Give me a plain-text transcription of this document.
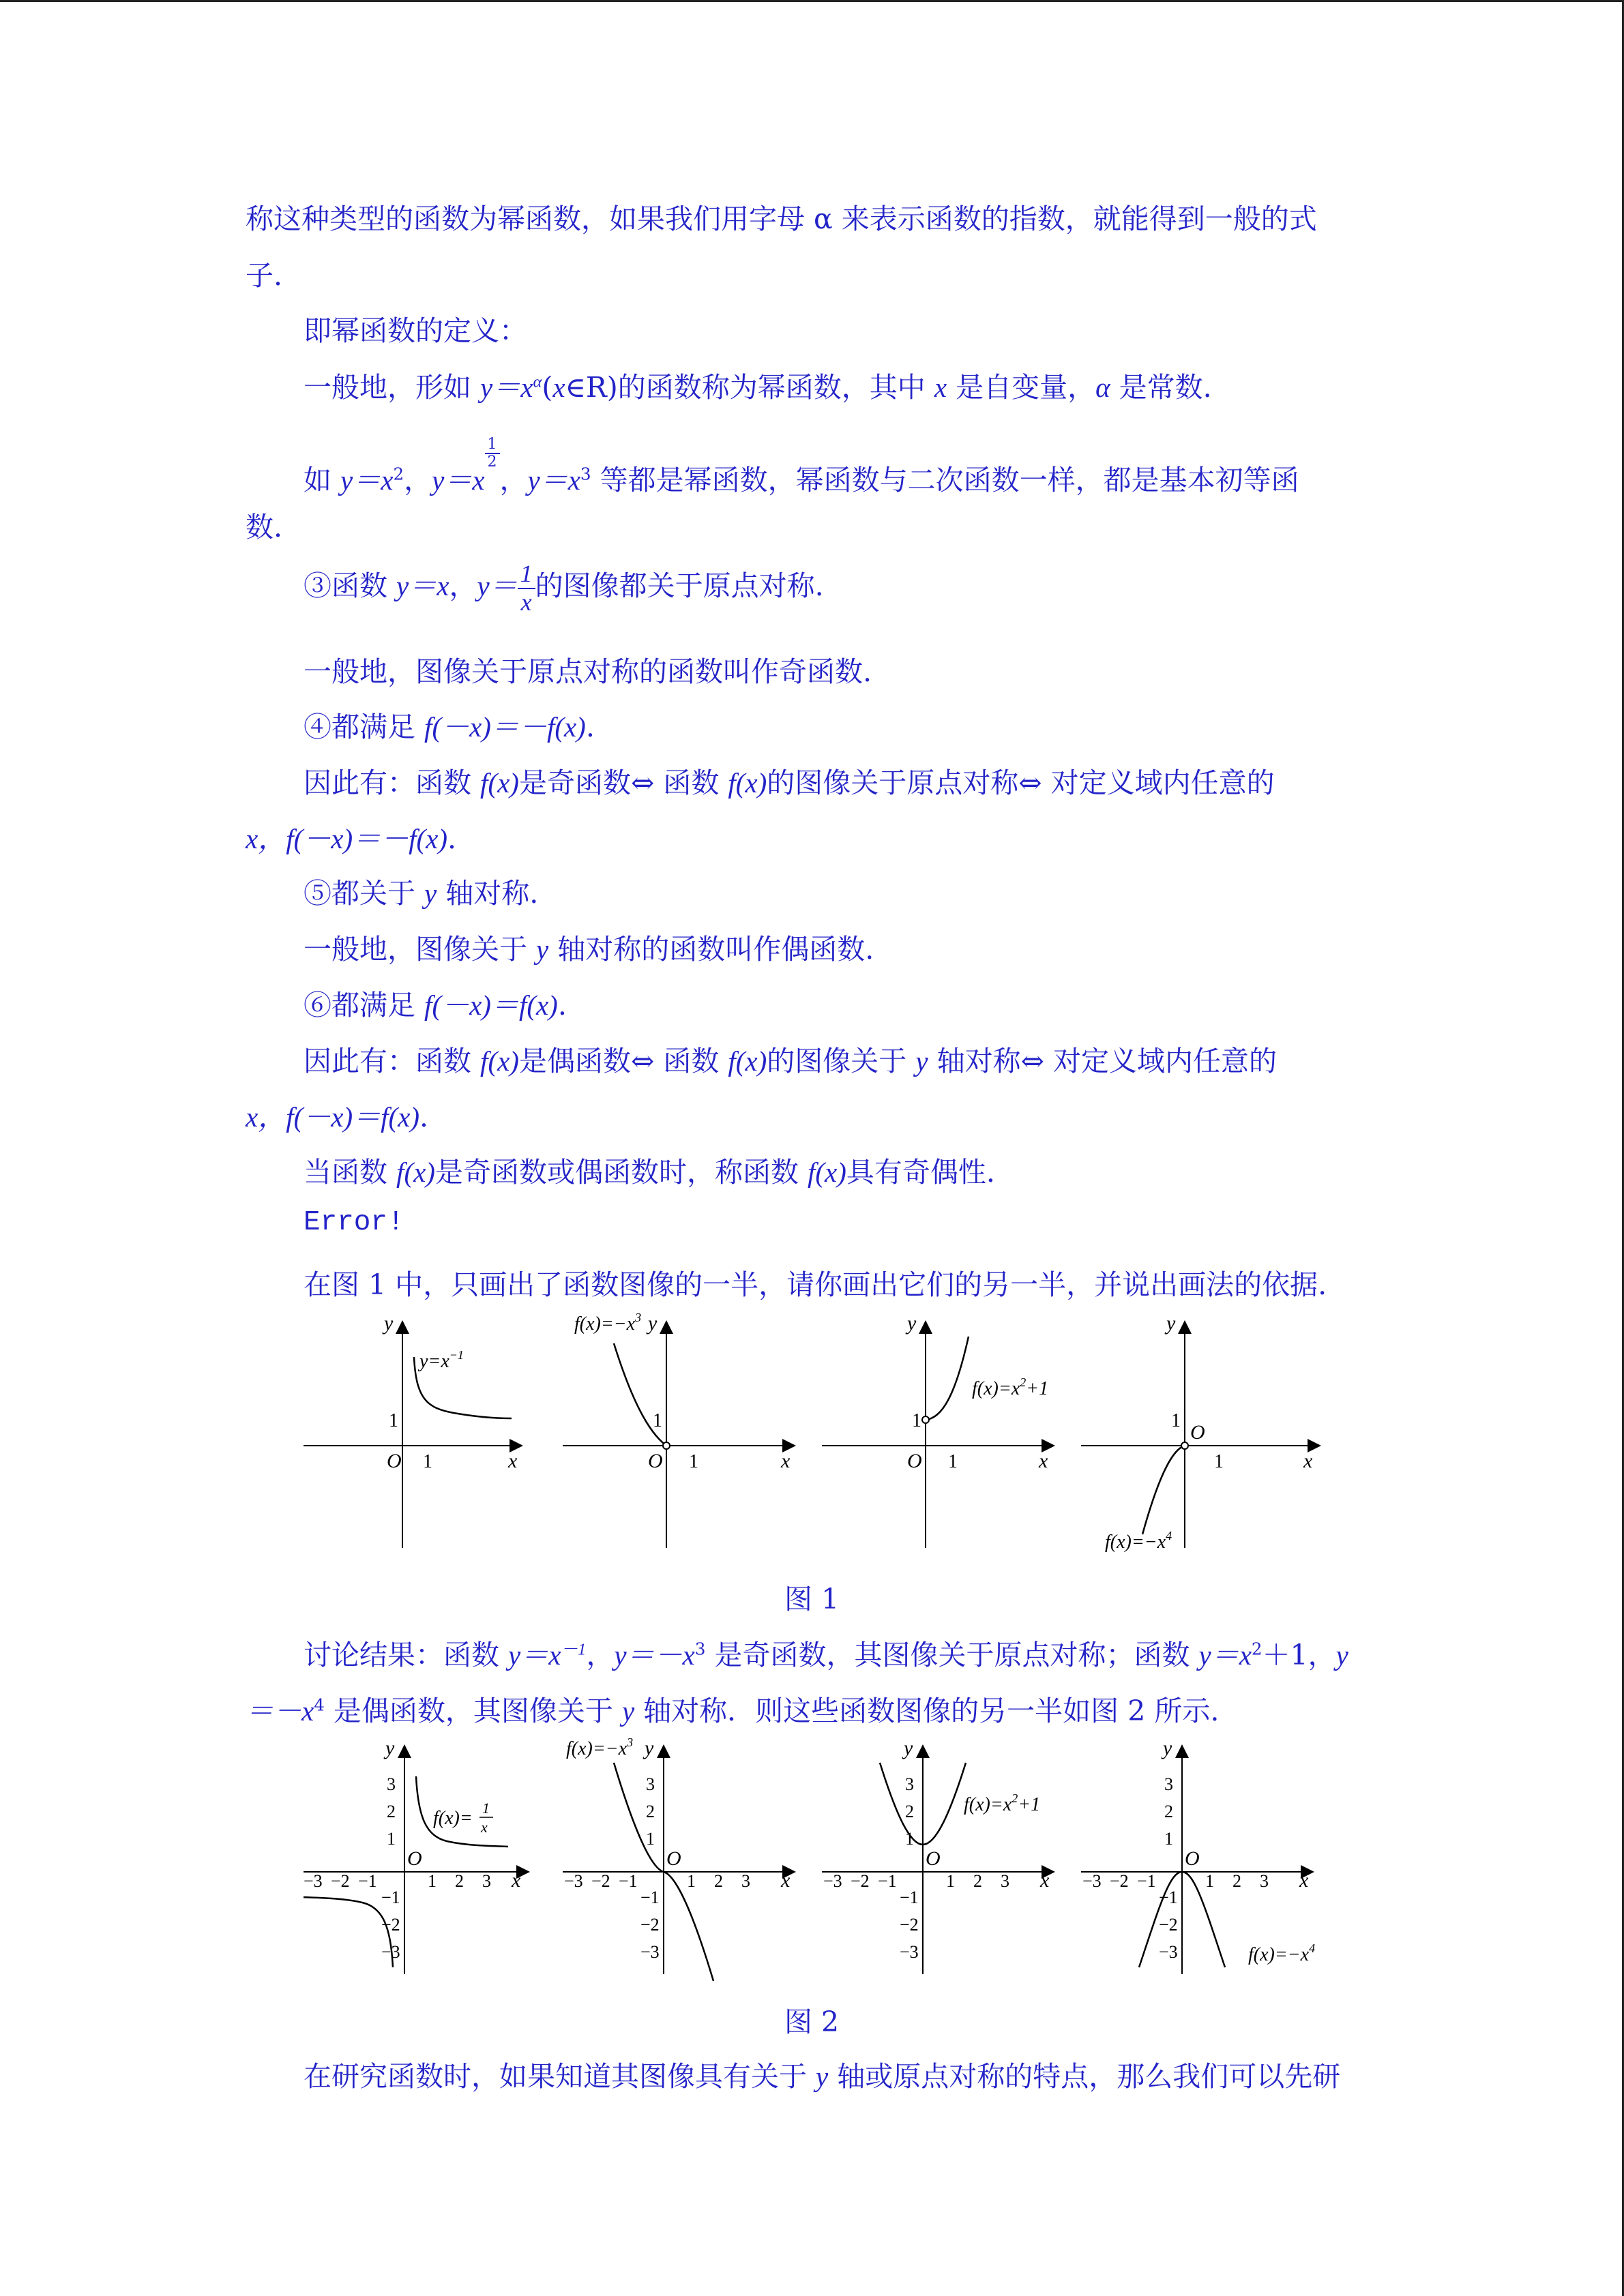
称这种类型的函数为幂函数，如果我们用字母 α 来表示函数的指数，就能得到一般的式
子.
即幂函数的定义：
一般地，形如 $y=x^\alpha(x\in R)$的函数称为幂函数，其中 x 是自变量，α 是常数.
如 $y=x^2$，y＝x
$^{\frac{1}{2}}$
，$y=x^3$ 等都是幂函数，幂函数与二次函数一样，都是基本初等函
数.
③函数 y＝x，$y= \frac{1}{x}$ 的图像都关于原点对称.
一般地，图像关于原点对称的函数叫作奇函数.
④都满足 f(－x)＝－f(x).
因此有：函数 f(x)是奇函数⇔ 函数 f(x)的图像关于原点对称⇔ 对定义域内任意的
x，f(－x)＝－f(x).
⑤都关于 y 轴对称.
一般地，图像关于 y 轴对称的函数叫作偶函数.
⑥都满足 f(－x)＝f(x).
因此有：函数 f(x)是偶函数⇔ 函数 f(x)的图像关于 y 轴对称⇔ 对定义域内任意的
x，f(－x)＝f(x).
当函数 f(x)是奇函数或偶函数时，称函数 f(x)具有奇偶性.
Error!
在图 1 中，只画出了函数图像的一半，请你画出它们的另一半，并说出画法的依据.
y
x
O 1
1
$y=x^{-1}$
y
x
O 1
1
$f(x)=-x^3$	y
x
O 1
1
$f(x)=x^2+1$
y
x
O
1
1
$f(x)=-x^4$
图 1
讨论结果：函数 $y=x^{-1}$，$y=-x^3$ 是奇函数，其图像关于原点对称；函数 $y=x^2+1$，y
$=-x^4$ 是偶函数，其图像关于 y 轴对称．则这些函数图像的另一半如图 2 所示.
y
x
O
3
2
1
−1
−2
−3
−3 −2 −1	1 2 3
f(x)= 1
x
y
x
O
3
2
1
−1
−2
−3
−3 −2 −1	1 2 3
$f(x)=-x^3$	y
x
O
3
2
1
−1
−2
−3
−3 −2 −1	1 2 3
$f(x)=x^2+1$
y
x
O
3
2
1
−1
−2
−3
−3 −2 −1	1 2 3
$f(x)=-x^4$
图 2
在研究函数时，如果知道其图像具有关于 y 轴或原点对称的特点，那么我们可以先研
